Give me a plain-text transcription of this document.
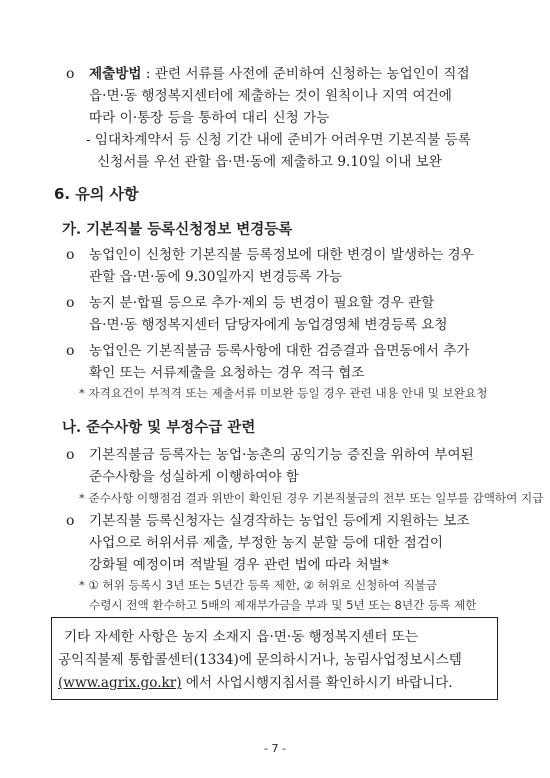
o 제출방법 : 관련 서류를 사전에 준비하여 신청하는 농업인이 직접
읍·면·동 행정복지센터에 제출하는 것이 원칙이나 지역 여건에
따라 이·통장 등을 통하여 대리 신청 가능
- 임대차계약서 등 신청 기간 내에 준비가 어려우면 기본직불 등록
신청서를 우선 관할 읍·면·동에 제출하고 9.10일 이내 보완
6. 유의 사항
가. 기본직불 등록신청정보 변경등록
o 농업인이 신청한 기본직불 등록정보에 대한 변경이 발생하는 경우
관할 읍·면·동에 9.30일까지 변경등록 가능
o 농지 분·합필 등으로 추가·제외 등 변경이 필요할 경우 관할
읍·면·동 행정복지센터 담당자에게 농업경영체 변경등록 요청
o 농업인은 기본직불금 등록사항에 대한 검증결과 읍면동에서 추가
확인 또는 서류제출을 요청하는 경우 적극 협조
* 자격요건이 부적격 또는 제출서류 미보완 등일 경우 관련 내용 안내 및 보완요청
나. 준수사항 및 부정수급 관련
o 기본직불금 등록자는 농업·농촌의 공익기능 증진을 위하여 부여된
준수사항을 성실하게 이행하여야 함
* 준수사항 이행점검 결과 위반이 확인된 경우 기본직불금의 전부 또는 일부를 감액하여 지급
o 기본직불 등록신청자는 실경작하는 농업인 등에게 지원하는 보조
사업으로 허위서류 제출, 부정한 농지 분할 등에 대한 점검이
강화될 예정이며 적발될 경우 관련 법에 따라 처벌*
* ① 허위 등록시 3년 또는 5년간 등록 제한, ② 허위로 신청하여 직불금
수령시 전액 환수하고 5배의 제재부가금을 부과 및 5년 또는 8년간 등록 제한
기타 자세한 사항은 농지 소재지 읍·면·동 행정복지센터 또는
공익직불제 통합콜센터(1334)에 문의하시거나, 농림사업정보시스템
(www.agrix.go.kr) 에서 사업시행지침서를 확인하시기 바랍니다.
- 7 -
